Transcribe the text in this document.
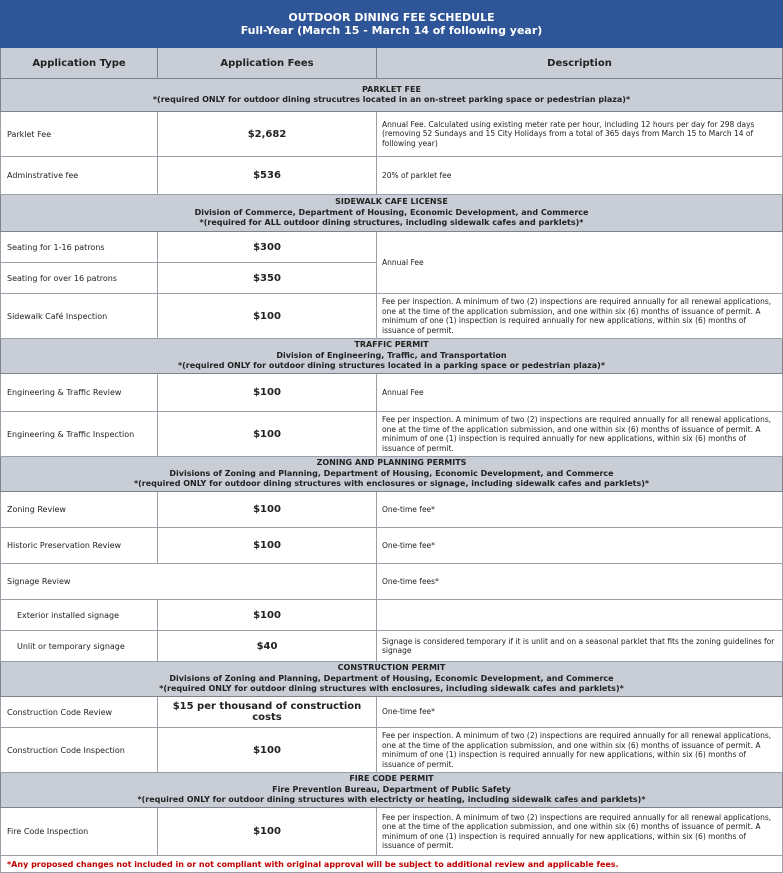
OUTDOOR DINING FEE SCHEDULE
Full-Year (March 15 - March 14 of following year)		

Application Type	Application Fees	Description

PARKLET FEE
*(required ONLY for outdoor dining strucutres located in an on-street parking space or pedestrian plaza)*		

Parklet Fee	$2,682	Annual Fee. Calculated using existing meter rate per hour, including 12 hours per day for 298 days (removing 52 Sundays and 15 City Holidays from a total of 365 days from March 15 to March 14 of following year)
Adminstrative fee	$536	20% of parklet fee

SIDEWALK CAFE LICENSE
Division of Commerce, Department of Housing, Economic Development, and Commerce
*(required for ALL outdoor dining structures, including sidewalk cafes and parklets)*		

Seating for 1-16 patrons	$300	Annual Fee
Seating for over 16 patrons	$350	
Sidewalk Café Inspection	$100	Fee per inspection. A minimum of two (2) inspections are required annually for all renewal applications, one at the time of the application submission, and one within six (6) months of issuance of permit. A minimum of one (1) inspection is required annually for new applications, within six (6) months of issuance of permit.

TRAFFIC PERMIT
Division of Engineering, Traffic, and Transportation
*(required ONLY for outdoor dining structures located in a parking space or pedestrian plaza)*		

Engineering & Traffic Review	$100	Annual Fee
Engineering & Traffic Inspection	$100	Fee per inspection. A minimum of two (2) inspections are required annually for all renewal applications, one at the time of the application submission, and one within six (6) months of issuance of permit. A minimum of one (1) inspection is required annually for new applications, within six (6) months of issuance of permit.

ZONING AND PLANNING PERMITS
Divisions of Zoning and Planning, Department of Housing, Economic Development, and Commerce
*(required ONLY for outdoor dining structures with enclosures or signage, including sidewalk cafes and parklets)*		

Zoning Review	$100	One-time fee*
Historic Preservation Review	$100	One-time fee*
Signage Review		One-time fees*
Exterior installed signage	$100	
Unlit or temporary signage	$40	Signage is considered temporary if it is unlit and on a seasonal parklet that fits the zoning guidelines for signage

CONSTRUCTION PERMIT
Divisions of Zoning and Planning, Department of Housing, Economic Development, and Commerce
*(required ONLY for outdoor dining structures with enclosures, including sidewalk cafes and parklets)*		

Construction Code Review	$15 per thousand of construction costs	One-time fee*
Construction Code Inspection	$100	Fee per inspection. A minimum of two (2) inspections are required annually for all renewal applications, one at the time of the application submission, and one within six (6) months of issuance of permit. A minimum of one (1) inspection is required annually for new applications, within six (6) months of issuance of permit.

FIRE CODE PERMIT
Fire Prevention Bureau, Department of Public Safety
*(required ONLY for outdoor dining structures with electricty or heating, including sidewalk cafes and parklets)*		

Fire Code Inspection	$100	Fee per inspection. A minimum of two (2) inspections are required annually for all renewal applications, one at the time of the application submission, and one within six (6) months of issuance of permit. A minimum of one (1) inspection is required annually for new applications, within six (6) months of issuance of permit.
*Any proposed changes not included in or not compliant with original approval will be subject to additional review and applicable fees.		
